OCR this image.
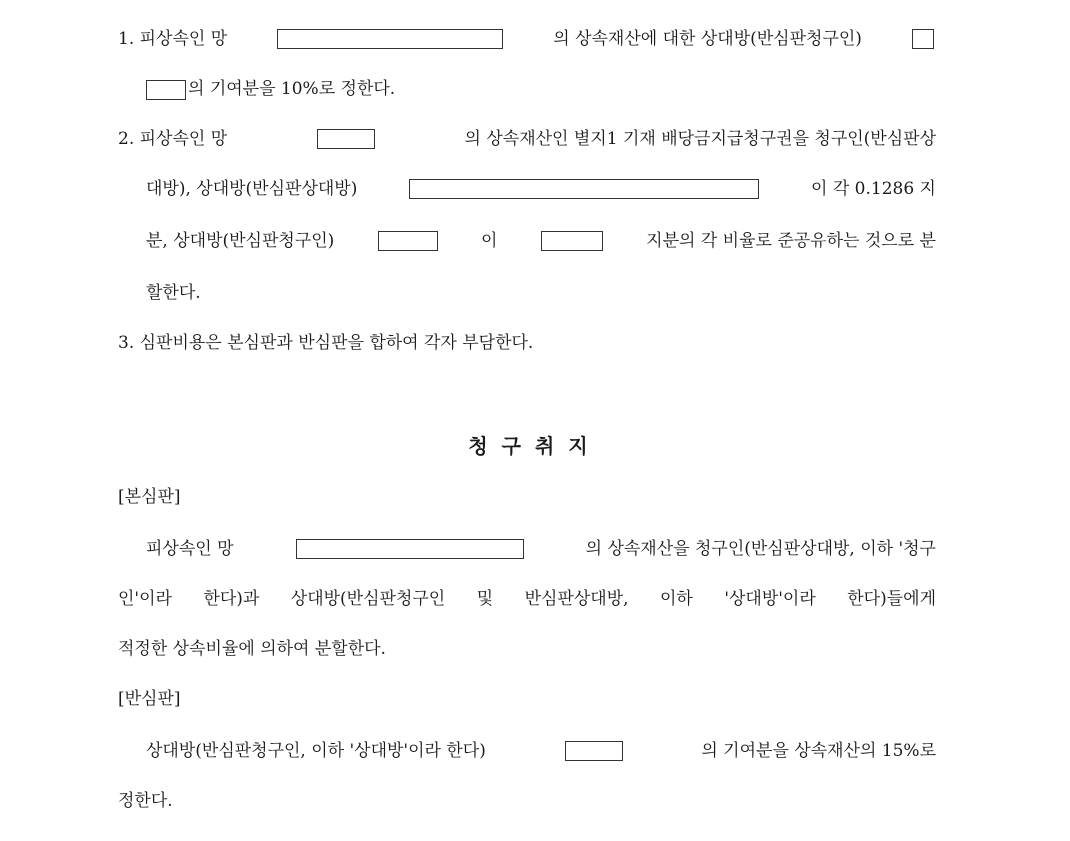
1. 피상속인 망	의 상속재산에 대한 상대방(반심판청구인)
의 기여분을 10%로 정한다.
2. 피상속인 망	의 상속재산인 별지1 기재 배당금지급청구권을 청구인(반심판상
대방), 상대방(반심판상대방)	이 각 0.1286 지
분, 상대방(반심판청구인)	이	지분의 각 비율로 준공유하는 것으로 분
할한다.
3. 심판비용은 본심판과 반심판을 합하여 각자 부담한다.
청구취지
[본심판]
피상속인 망	의 상속재산을 청구인(반심판상대방, 이하 '청구
인'이라 한다)과 상대방(반심판청구인 및 반심판상대방, 이하 '상대방'이라 한다)들에게
적정한 상속비율에 의하여 분할한다.
[반심판]
상대방(반심판청구인, 이하 '상대방'이라 한다)	의 기여분을 상속재산의 15%로
정한다.
